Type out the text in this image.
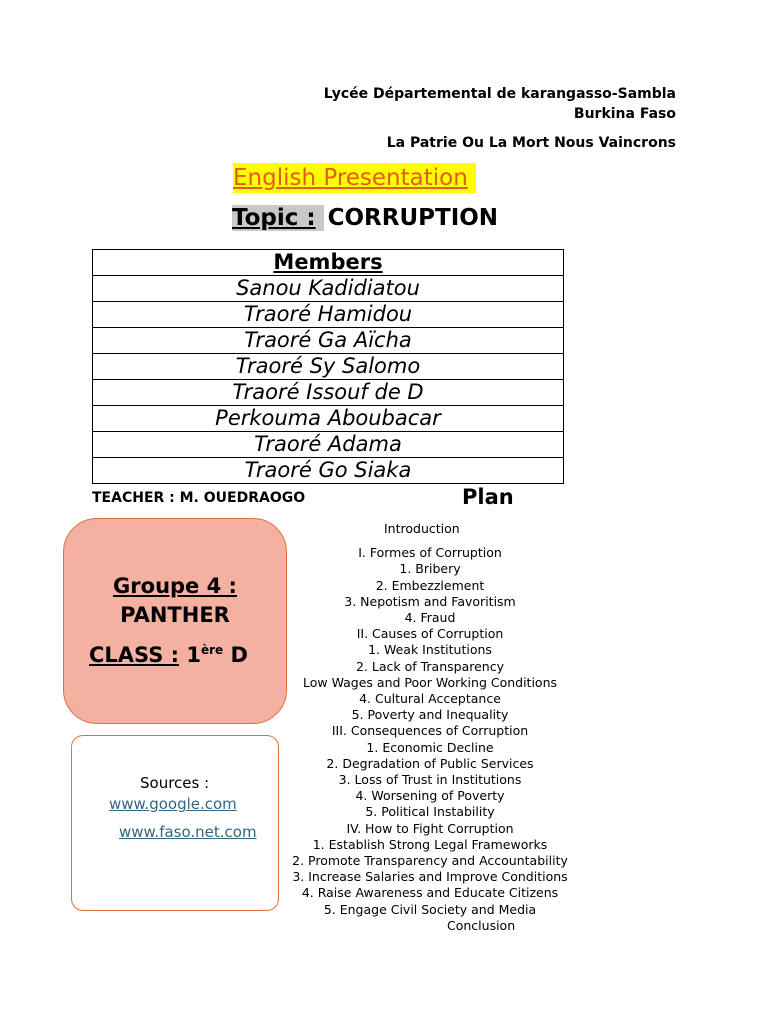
Lycée Départemental de karangasso-Sambla
Burkina Faso
La Patrie Ou La Mort Nous Vaincrons
English Presentation
Topic : CORRUPTION
Members
Sanou Kadidiatou
Traoré Hamidou
Traoré Ga Aïcha
Traoré Sy Salomo
Traoré Issouf de D
Perkouma Aboubacar
Traoré Adama
Traoré Go Siaka
TEACHER : M. OUEDRAOGO	Plan
Groupe 4 :
PANTHER
CLASS : 1ère D
Sources :
www.google.com
www.faso.net.com
Introduction
I. Formes of Corruption
1. Bribery
2. Embezzlement
3. Nepotism and Favoritism
4. Fraud
II. Causes of Corruption
1. Weak Institutions
2. Lack of Transparency
Low Wages and Poor Working Conditions
4. Cultural Acceptance
5. Poverty and Inequality
III. Consequences of Corruption
1. Economic Decline
2. Degradation of Public Services
3. Loss of Trust in Institutions
4. Worsening of Poverty
5. Political Instability
IV. How to Fight Corruption
1. Establish Strong Legal Frameworks
2. Promote Transparency and Accountability
3. Increase Salaries and Improve Conditions
4. Raise Awareness and Educate Citizens
5. Engage Civil Society and Media
Conclusion
